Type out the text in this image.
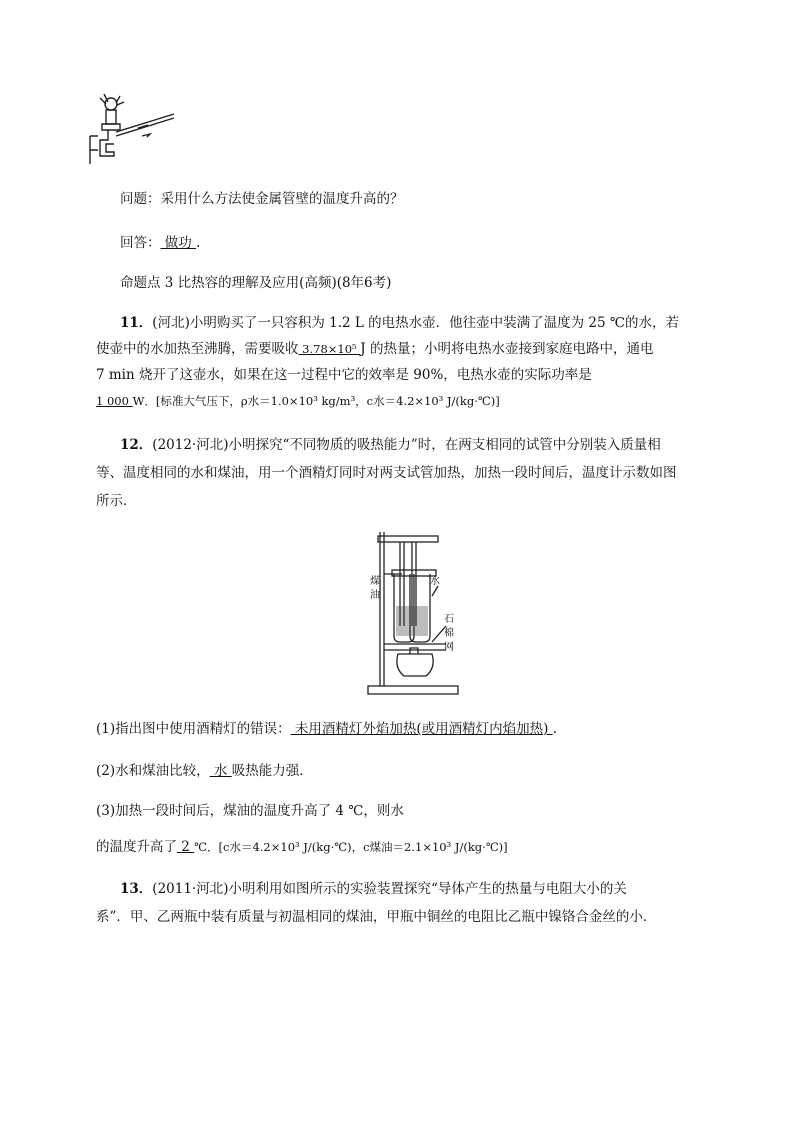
问题：采用什么方法使金属管壁的温度升高的？
回答： 做功 .
命题点 3 比热容的理解及应用(高频)(8年6考)
11．(河北)小明购买了一只容积为 1.2 L 的电热水壶．他往壶中装满了温度为 25 ℃的水，若
使壶中的水加热至沸腾，需要吸收 3.78×10⁵ J 的热量；小明将电热水壶接到家庭电路中，通电
7 min 烧开了这壶水，如果在这一过程中它的效率是 90%，电热水壶的实际功率是
1 000 W．[标准大气压下，ρ水＝1.0×10³ kg/m³，c水＝4.2×10³ J/(kg·℃)]
12．(2012·河北)小明探究“不同物质的吸热能力”时，在两支相同的试管中分别装入质量相
等、温度相同的水和煤油，用一个酒精灯同时对两支试管加热，加热一段时间后，温度计示数如图
所示．
煤
油
水
石
棉
网
(1)指出图中使用酒精灯的错误： 未用酒精灯外焰加热(或用酒精灯内焰加热) .
(2)水和煤油比较， 水 吸热能力强．
(3)加热一段时间后，煤油的温度升高了 4 ℃，则水
的温度升高了 2 ℃．[c水＝4.2×10³ J/(kg·℃)，c煤油＝2.1×10³ J/(kg·℃)]
13．(2011·河北)小明利用如图所示的实验装置探究“导体产生的热量与电阻大小的关
系”．甲、乙两瓶中装有质量与初温相同的煤油，甲瓶中铜丝的电阻比乙瓶中镍铬合金丝的小．
